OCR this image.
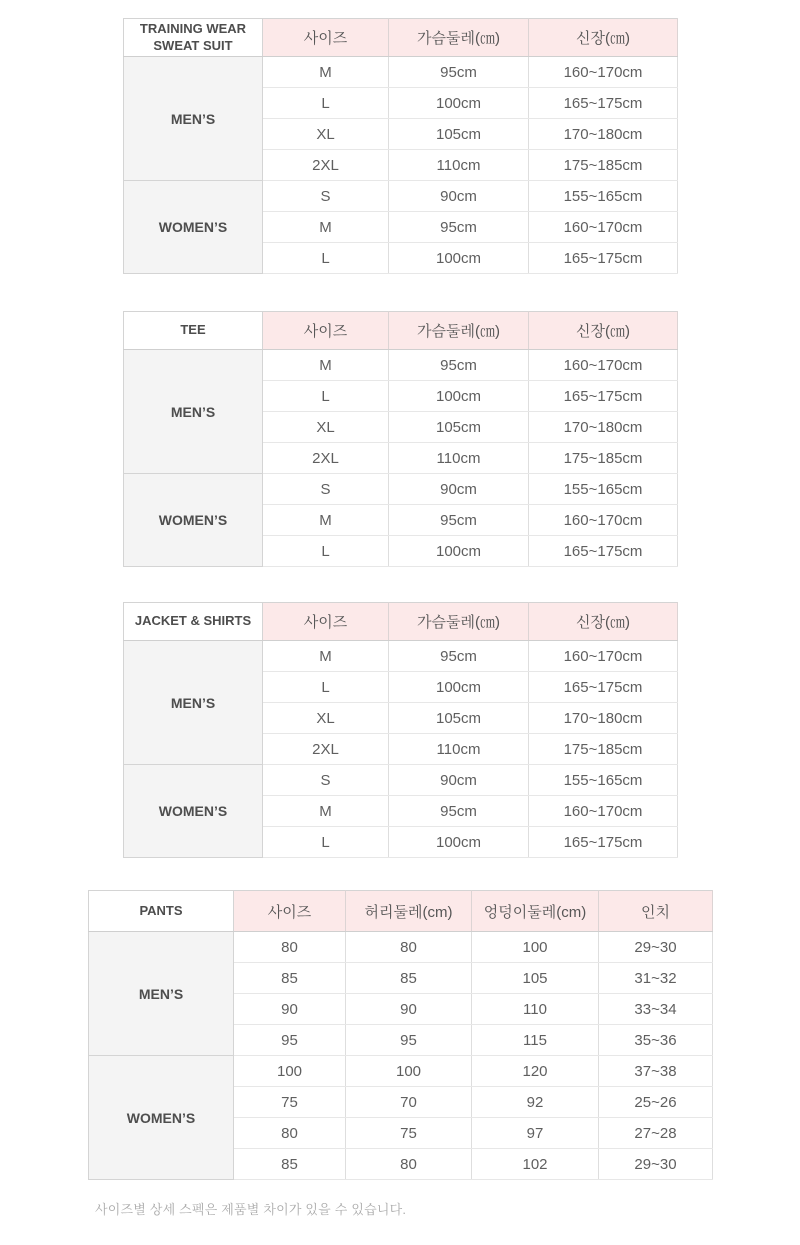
TRAINING WEAR SWEAT SUIT	사이즈	가슴둘레(㎝)	신장(㎝)
MEN’S	M	95cm	160~170cm
	L	100cm	165~175cm
	XL	105cm	170~180cm
	2XL	110cm	175~185cm
WOMEN’S	S	90cm	155~165cm
	M	95cm	160~170cm
	L	100cm	165~175cm
TEE	사이즈	가슴둘레(㎝)	신장(㎝)
MEN’S	M	95cm	160~170cm
	L	100cm	165~175cm
	XL	105cm	170~180cm
	2XL	110cm	175~185cm
WOMEN’S	S	90cm	155~165cm
	M	95cm	160~170cm
	L	100cm	165~175cm
JACKET & SHIRTS	사이즈	가슴둘레(㎝)	신장(㎝)
MEN’S	M	95cm	160~170cm
	L	100cm	165~175cm
	XL	105cm	170~180cm
	2XL	110cm	175~185cm
WOMEN’S	S	90cm	155~165cm
	M	95cm	160~170cm
	L	100cm	165~175cm
PANTS	사이즈	허리둘레(cm)	엉덩이둘레(cm)	인치
MEN’S	80	80	100	29~30
	85	85	105	31~32
	90	90	110	33~34
	95	95	115	35~36
WOMEN’S	100	100	120	37~38
	75	70	92	25~26
	80	75	97	27~28
	85	80	102	29~30
사이즈별 상세 스펙은 제품별 차이가 있을 수 있습니다.
